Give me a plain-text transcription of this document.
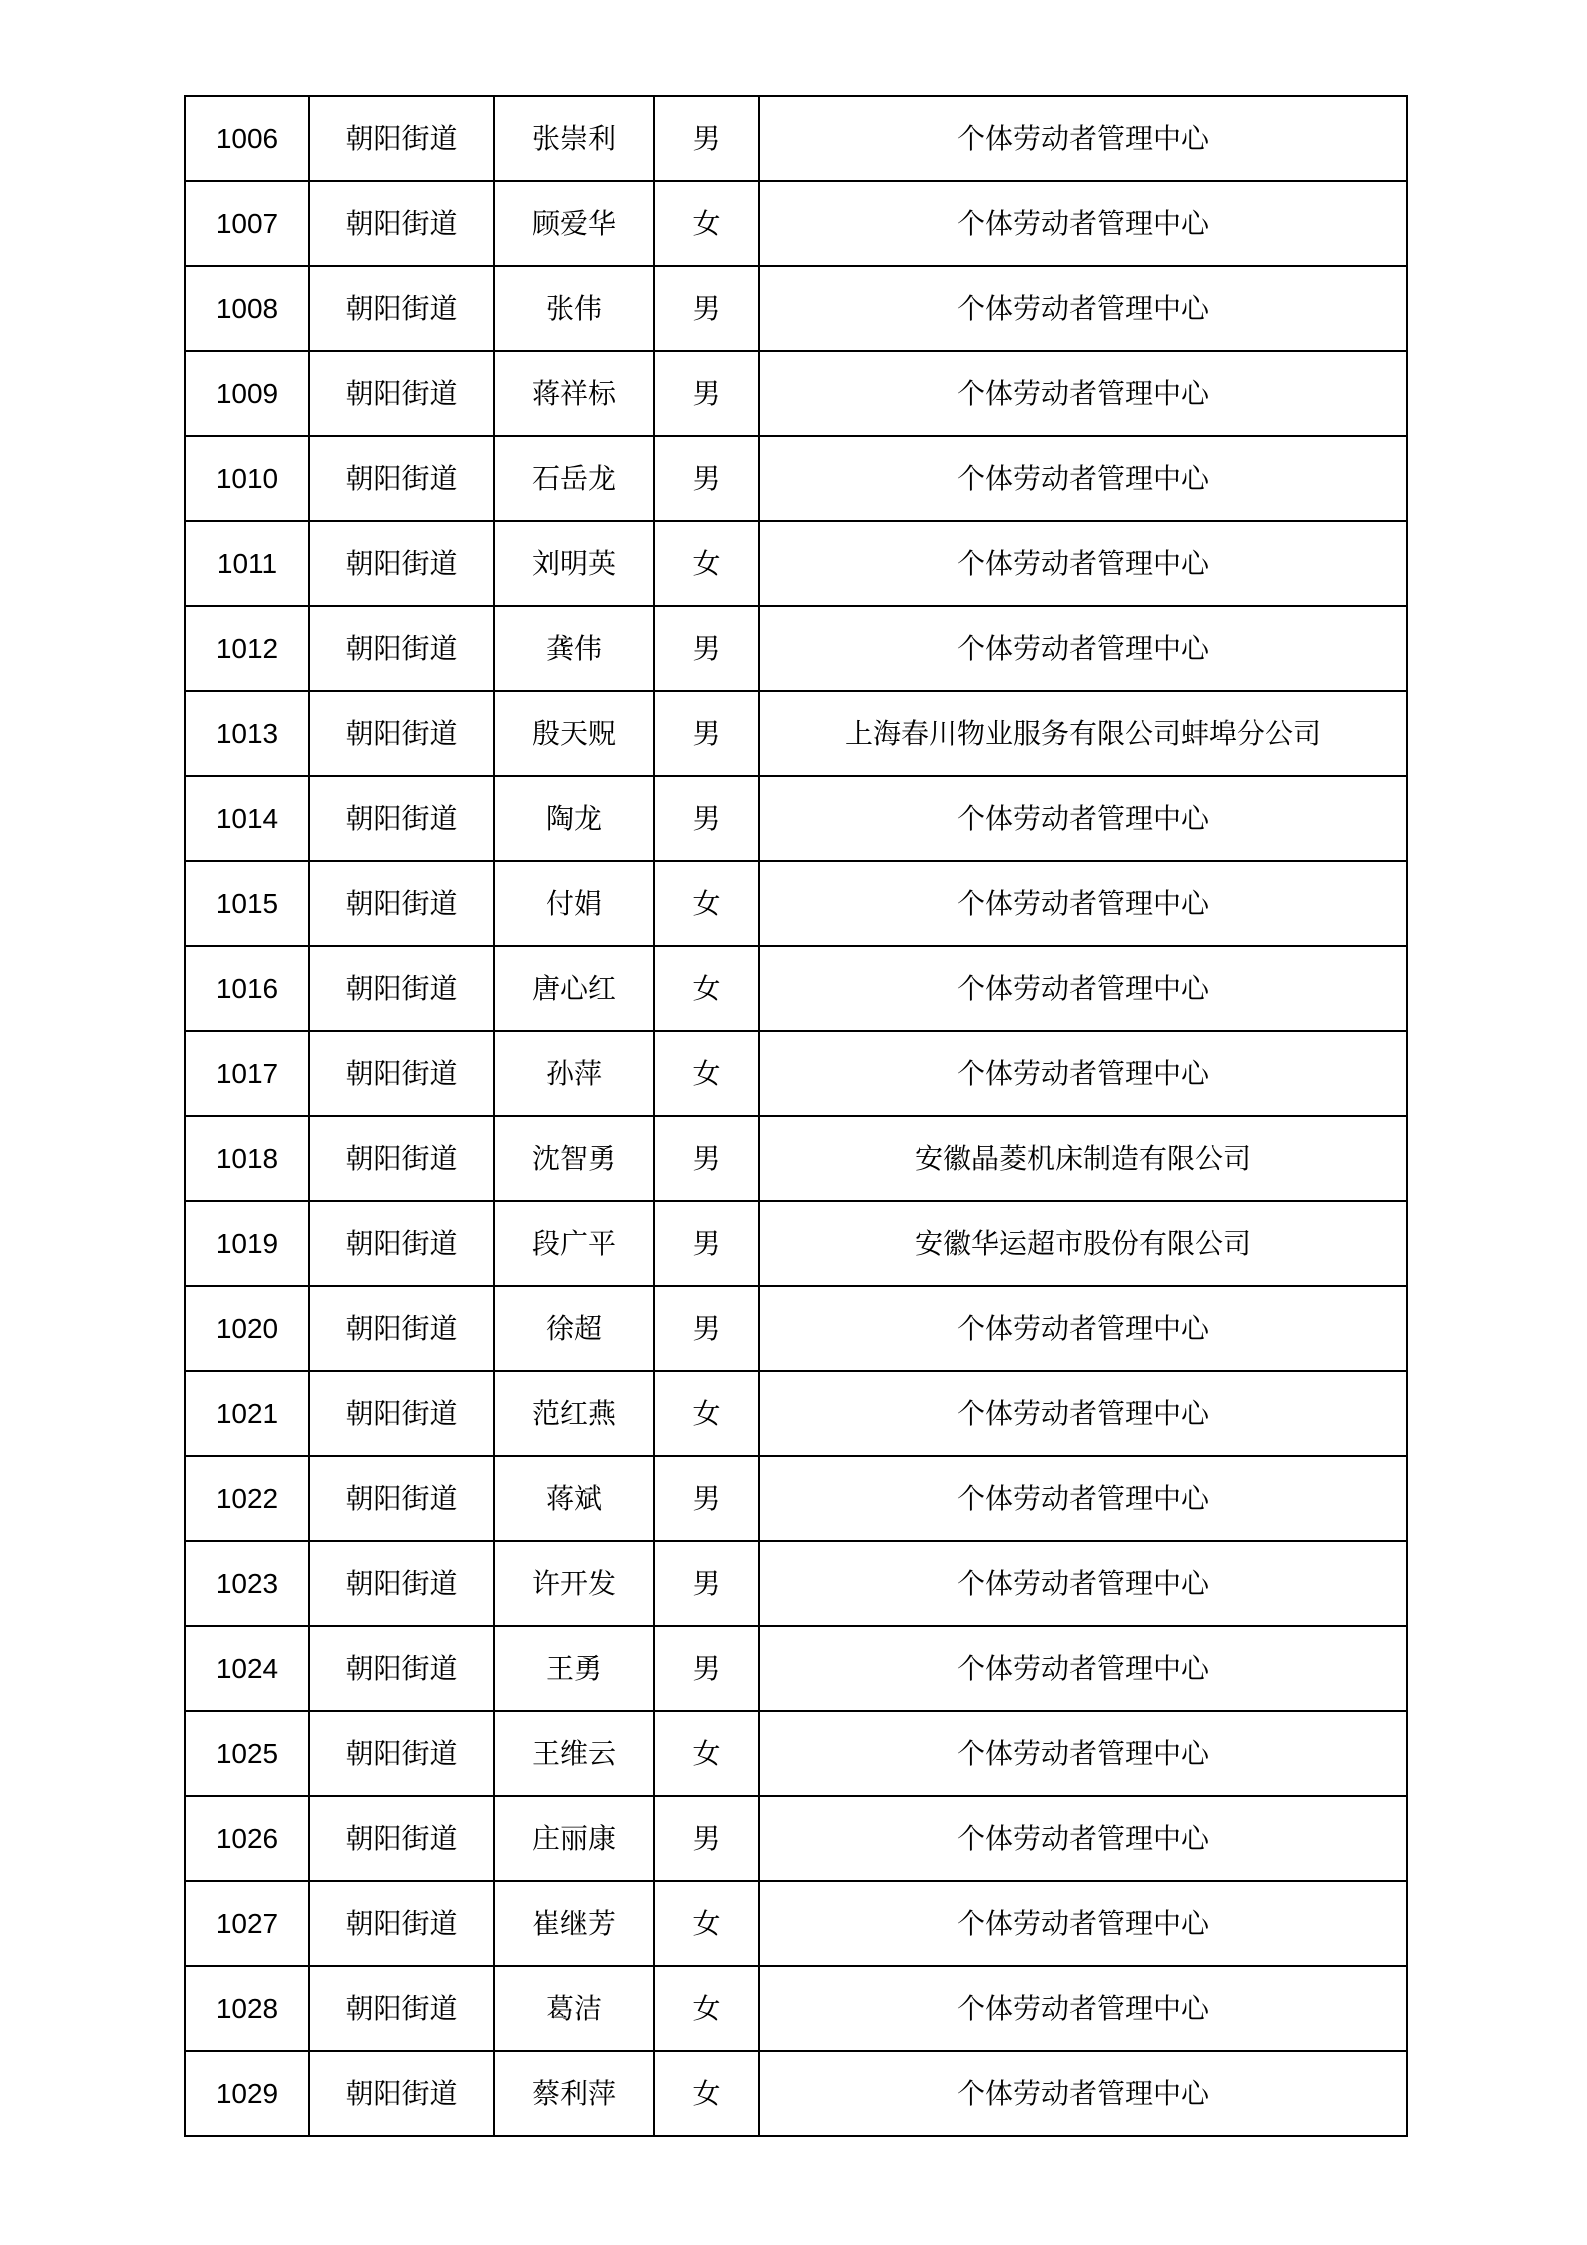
1006	朝阳街道	张崇利	男	个体劳动者管理中心
1007	朝阳街道	顾爱华	女	个体劳动者管理中心
1008	朝阳街道	张伟	男	个体劳动者管理中心
1009	朝阳街道	蒋祥标	男	个体劳动者管理中心
1010	朝阳街道	石岳龙	男	个体劳动者管理中心
1011	朝阳街道	刘明英	女	个体劳动者管理中心
1012	朝阳街道	龚伟	男	个体劳动者管理中心
1013	朝阳街道	殷天贶	男	上海春川物业服务有限公司蚌埠分公司
1014	朝阳街道	陶龙	男	个体劳动者管理中心
1015	朝阳街道	付娟	女	个体劳动者管理中心
1016	朝阳街道	唐心红	女	个体劳动者管理中心
1017	朝阳街道	孙萍	女	个体劳动者管理中心
1018	朝阳街道	沈智勇	男	安徽晶菱机床制造有限公司
1019	朝阳街道	段广平	男	安徽华运超市股份有限公司
1020	朝阳街道	徐超	男	个体劳动者管理中心
1021	朝阳街道	范红燕	女	个体劳动者管理中心
1022	朝阳街道	蒋斌	男	个体劳动者管理中心
1023	朝阳街道	许开发	男	个体劳动者管理中心
1024	朝阳街道	王勇	男	个体劳动者管理中心
1025	朝阳街道	王维云	女	个体劳动者管理中心
1026	朝阳街道	庄丽康	男	个体劳动者管理中心
1027	朝阳街道	崔继芳	女	个体劳动者管理中心
1028	朝阳街道	葛洁	女	个体劳动者管理中心
1029	朝阳街道	蔡利萍	女	个体劳动者管理中心
